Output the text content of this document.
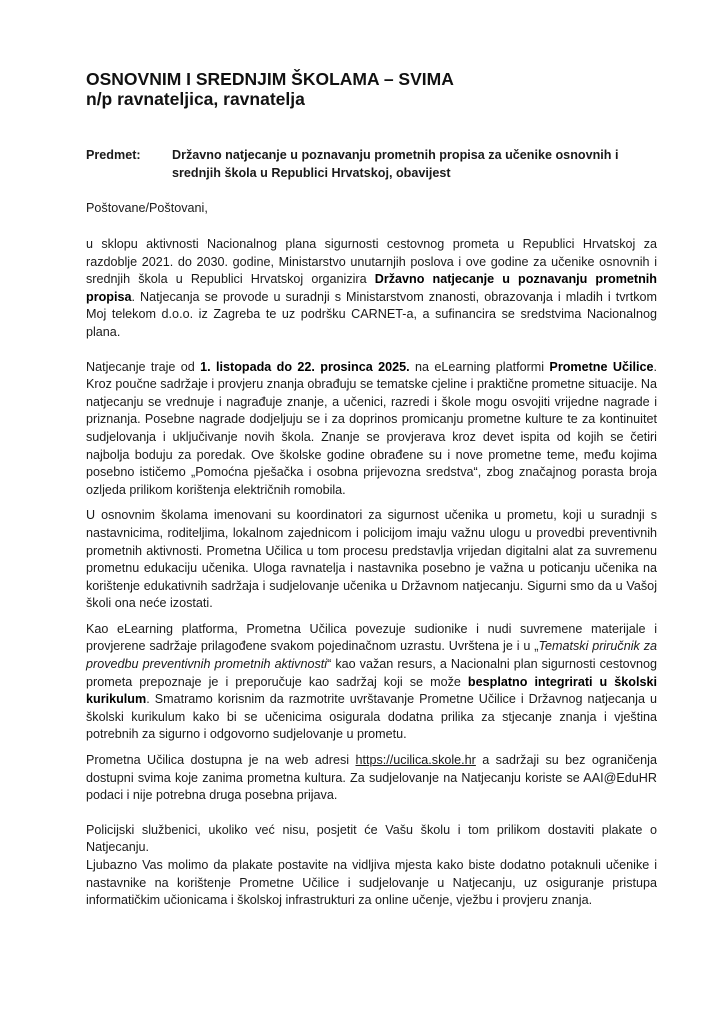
OSNOVNIM I SREDNJIM ŠKOLAMA – SVIMA
n/p ravnateljica, ravnatelja
Predmet: Državno natjecanje u poznavanju prometnih propisa za učenike osnovnih i srednjih škola u Republici Hrvatskoj, obavijest
Poštovane/Poštovani,

u sklopu aktivnosti Nacionalnog plana sigurnosti cestovnog prometa u Republici Hrvatskoj za razdoblje 2021. do 2030. godine, Ministarstvo unutarnjih poslova i ove godine za učenike osnovnih i srednjih škola u Republici Hrvatskoj organizira Državno natjecanje u poznavanju prometnih propisa. Natjecanja se provode u suradnji s Ministarstvom znanosti, obrazovanja i mladih i tvrtkom Moj telekom d.o.o. iz Zagreba te uz podršku CARNET-a, a sufinancira se sredstvima Nacionalnog plana.

Natjecanje traje od 1. listopada do 22. prosinca 2025. na eLearning platformi Prometne Učilice. Kroz poučne sadržaje i provjeru znanja obrađuju se tematske cjeline i praktične prometne situacije. Na natjecanju se vrednuje i nagrađuje znanje, a učenici, razredi i škole mogu osvojiti vrijedne nagrade i priznanja. Posebne nagrade dodjeljuju se i za doprinos promicanju prometne kulture te za kontinuitet sudjelovanja i uključivanje novih škola. Znanje se provjerava kroz devet ispita od kojih se četiri najbolja boduju za poredak. Ove školske godine obrađene su i nove prometne teme, među kojima posebno ističemo „Pomoćna pješačka i osobna prijevozna sredstva“, zbog značajnog porasta broja ozljeda prilikom korištenja električnih romobila.

U osnovnim školama imenovani su koordinatori za sigurnost učenika u prometu, koji u suradnji s nastavnicima, roditeljima, lokalnom zajednicom i policijom imaju važnu ulogu u provedbi preventivnih prometnih aktivnosti. Prometna Učilica u tom procesu predstavlja vrijedan digitalni alat za suvremenu prometnu edukaciju učenika. Uloga ravnatelja i nastavnika posebno je važna u poticanju učenika na korištenje edukativnih sadržaja i sudjelovanje učenika u Državnom natjecanju. Sigurni smo da u Vašoj školi ona neće izostati.

Kao eLearning platforma, Prometna Učilica povezuje sudionike i nudi suvremene materijale i provjerene sadržaje prilagođene svakom pojedinačnom uzrastu. Uvrštena je i u „Tematski priručnik za provedbu preventivnih prometnih aktivnosti“ kao važan resurs, a Nacionalni plan sigurnosti cestovnog prometa prepoznaje je i preporučuje kao sadržaj koji se može besplatno integrirati u školski kurikulum. Smatramo korisnim da razmotrite uvrštavanje Prometne Učilice i Državnog natjecanja u školski kurikulum kako bi se učenicima osigurala dodatna prilika za stjecanje znanja i vještina potrebnih za sigurno i odgovorno sudjelovanje u prometu.

Prometna Učilica dostupna je na web adresi https://ucilica.skole.hr a sadržaji su bez ograničenja dostupni svima koje zanima prometna kultura. Za sudjelovanje na Natjecanju koriste se AAI@EduHR podaci i nije potrebna druga posebna prijava.

Policijski službenici, ukoliko već nisu, posjetit će Vašu školu i tom prilikom dostaviti plakate o Natjecanju.

Ljubazno Vas molimo da plakate postavite na vidljiva mjesta kako biste dodatno potaknuli učenike i nastavnike na korištenje Prometne Učilice i sudjelovanje u Natjecanju, uz osiguranje pristupa informatičkim učionicama i školskoj infrastrukturi za online učenje, vježbu i provjeru znanja.
